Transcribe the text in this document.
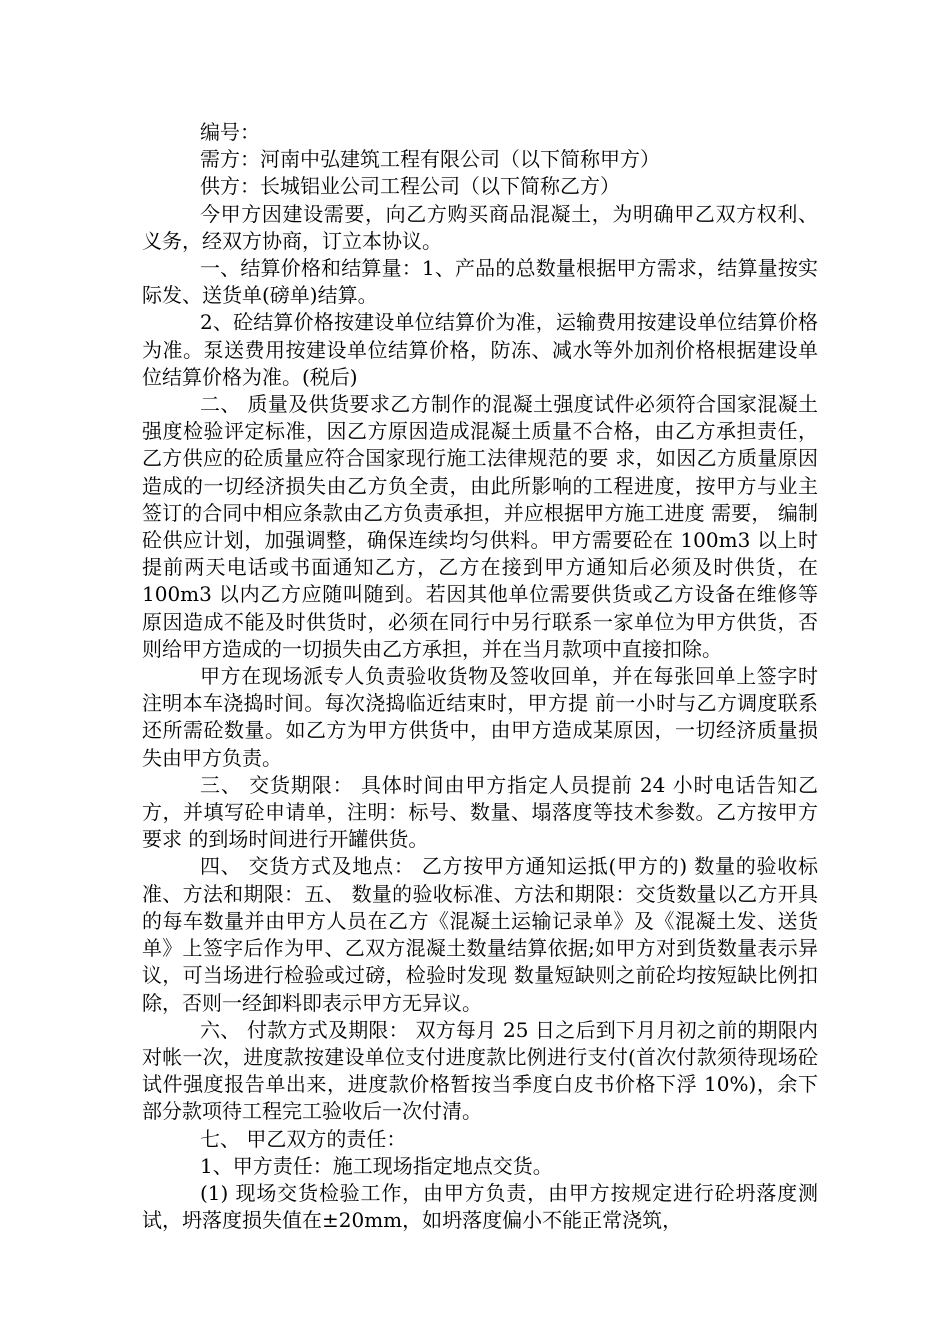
编号：

需方：河南中弘建筑工程有限公司（以下简称甲方）

供方：长城铝业公司工程公司（以下简称乙方）

今甲方因建设需要，向乙方购买商品混凝土，为明确甲乙双方权利、义务，经双方协商，订立本协议。

一、结算价格和结算量：1、产品的总数量根据甲方需求，结算量按实际发、送货单(磅单)结算。

2、砼结算价格按建设单位结算价为准，运输费用按建设单位结算价格为准。泵送费用按建设单位结算价格，防冻、减水等外加剂价格根据建设单位结算价格为准。(税后)

二、 质量及供货要求乙方制作的混凝土强度试件必须符合国家混凝土强度检验评定标准，因乙方原因造成混凝土质量不合格，由乙方承担责任，乙方供应的砼质量应符合国家现行施工法律规范的要 求，如因乙方质量原因造成的一切经济损失由乙方负全责，由此所影响的工程进度，按甲方与业主签订的合同中相应条款由乙方负责承担，并应根据甲方施工进度 需要， 编制砼供应计划，加强调整，确保连续均匀供料。甲方需要砼在 100m3 以上时提前两天电话或书面通知乙方，乙方在接到甲方通知后必须及时供货，在100m3 以内乙方应随叫随到。若因其他单位需要供货或乙方设备在维修等原因造成不能及时供货时，必须在同行中另行联系一家单位为甲方供货，否则给甲方造成的一切损失由乙方承担，并在当月款项中直接扣除。

甲方在现场派专人负责验收货物及签收回单，并在每张回单上签字时注明本车浇捣时间。每次浇捣临近结束时，甲方提 前一小时与乙方调度联系还所需砼数量。如乙方为甲方供货中，由甲方造成某原因，一切经济质量损失由甲方负责。

三、 交货期限： 具体时间由甲方指定人员提前 24 小时电话告知乙方，并填写砼申请单，注明：标号、数量、塌落度等技术参数。乙方按甲方要求 的到场时间进行开罐供货。

四、 交货方式及地点： 乙方按甲方通知运抵(甲方的) 数量的验收标准、方法和期限：五、 数量的验收标准、方法和期限：交货数量以乙方开具的每车数量并由甲方人员在乙方《混凝土运输记录单》及《混凝土发、送货单》上签字后作为甲、乙双方混凝土数量结算依据;如甲方对到货数量表示异议，可当场进行检验或过磅，检验时发现 数量短缺则之前砼均按短缺比例扣除，否则一经卸料即表示甲方无异议。

六、 付款方式及期限： 双方每月 25 日之后到下月月初之前的期限内对帐一次，进度款按建设单位支付进度款比例进行支付(首次付款须待现场砼试件强度报告单出来，进度款价格暂按当季度白皮书价格下浮 10%)，余下部分款项待工程完工验收后一次付清。

七、 甲乙双方的责任：

1、甲方责任：施工现场指定地点交货。

(1) 现场交货检验工作，由甲方负责，由甲方按规定进行砼坍落度测试，坍落度损失值在±20mm，如坍落度偏小不能正常浇筑，
